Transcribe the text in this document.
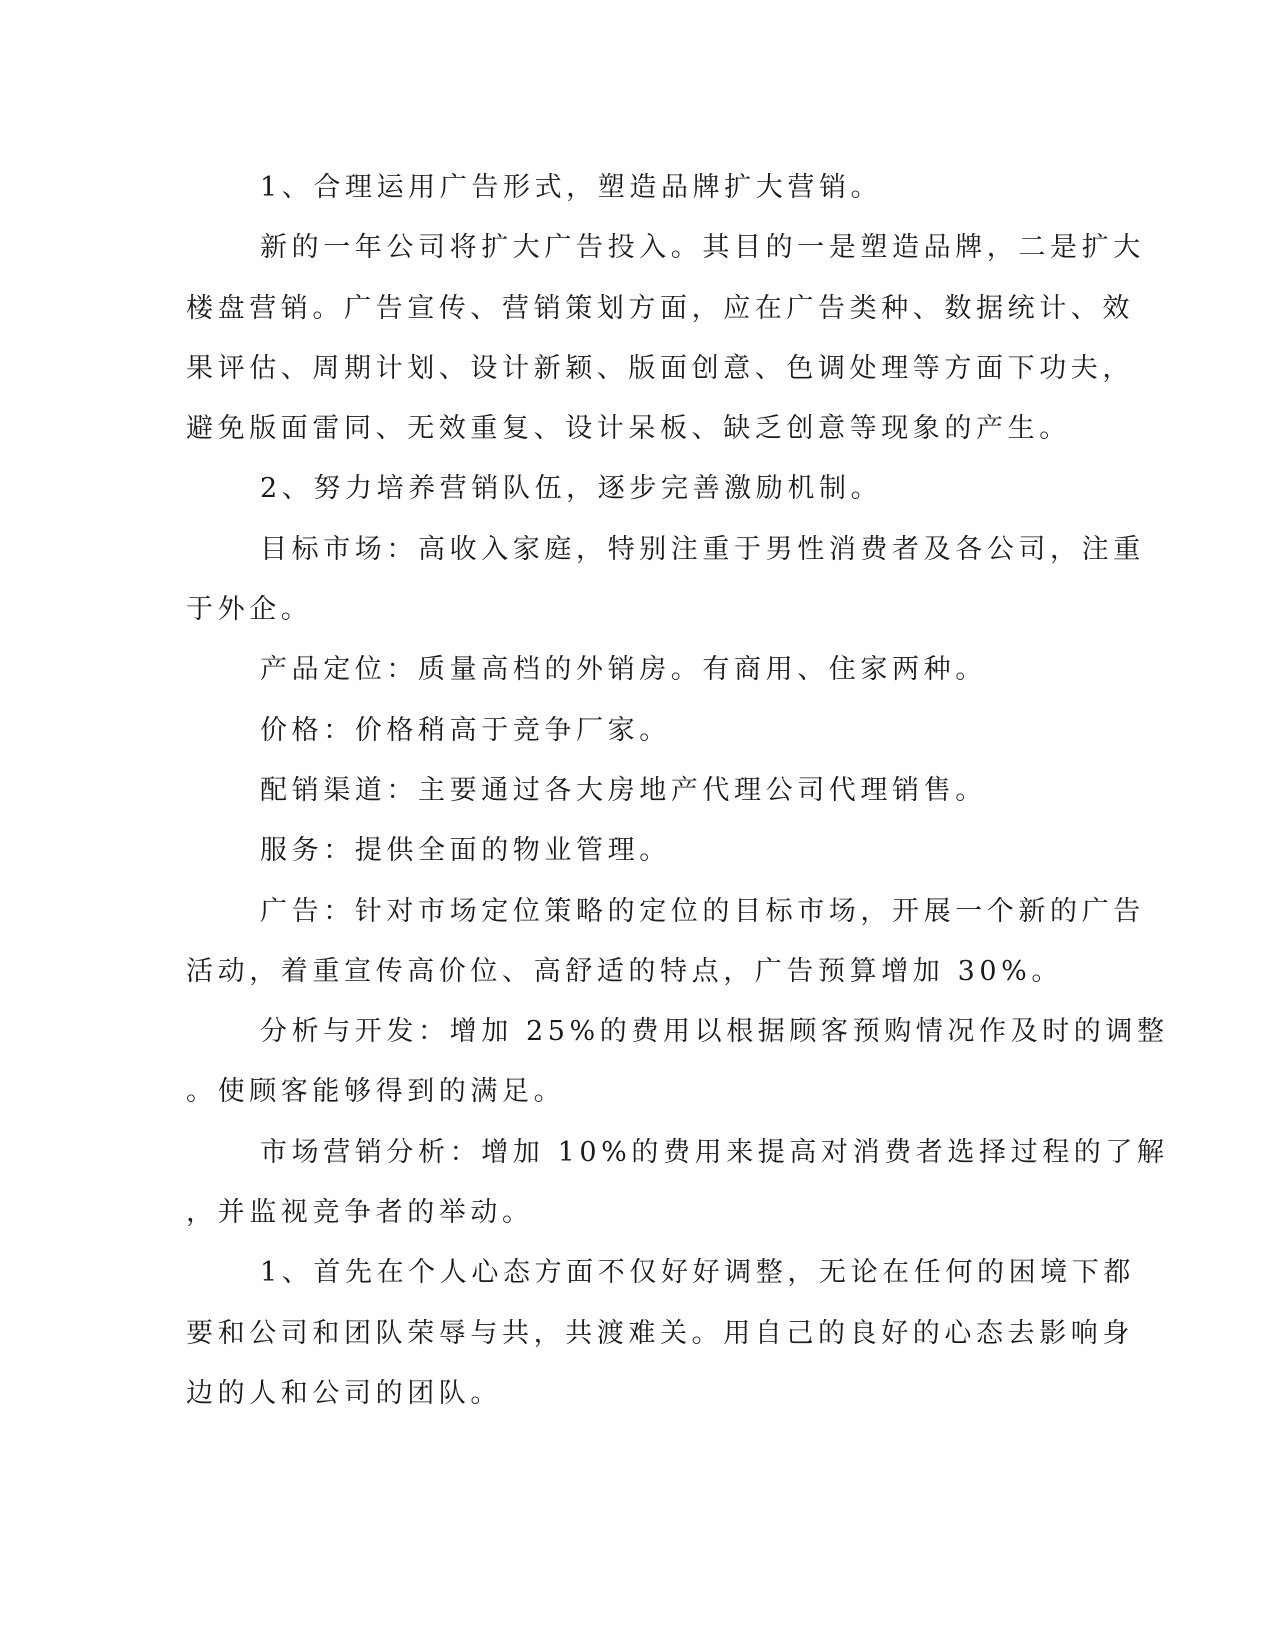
1、合理运用广告形式，塑造品牌扩大营销。
新的一年公司将扩大广告投入。其目的一是塑造品牌，二是扩大
楼盘营销。广告宣传、营销策划方面，应在广告类种、数据统计、效
果评估、周期计划、设计新颖、版面创意、色调处理等方面下功夫，
避免版面雷同、无效重复、设计呆板、缺乏创意等现象的产生。
2、努力培养营销队伍，逐步完善激励机制。
目标市场：高收入家庭，特别注重于男性消费者及各公司，注重
于外企。
产品定位：质量高档的外销房。有商用、住家两种。
价格：价格稍高于竞争厂家。
配销渠道：主要通过各大房地产代理公司代理销售。
服务：提供全面的物业管理。
广告：针对市场定位策略的定位的目标市场，开展一个新的广告
活动，着重宣传高价位、高舒适的特点，广告预算增加 30%。
分析与开发：增加 25%的费用以根据顾客预购情况作及时的调整
。使顾客能够得到的满足。
市场营销分析：增加 10%的费用来提高对消费者选择过程的了解
，并监视竞争者的举动。
1、首先在个人心态方面不仅好好调整，无论在任何的困境下都
要和公司和团队荣辱与共，共渡难关。用自己的良好的心态去影响身
边的人和公司的团队。
